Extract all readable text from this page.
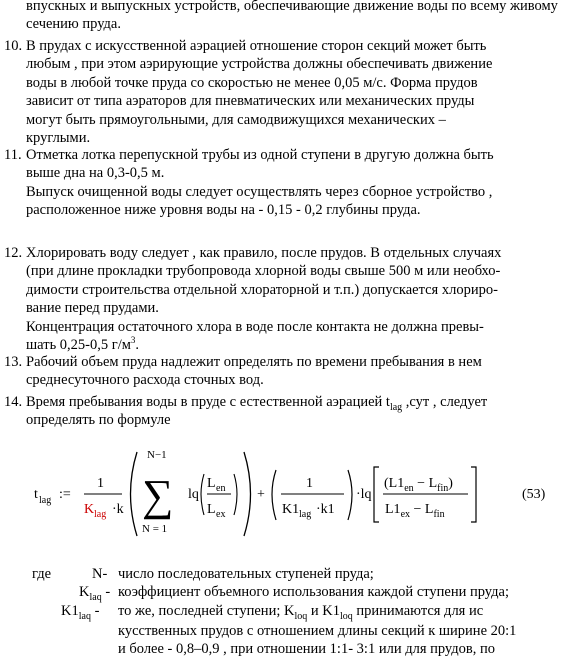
впускных и выпускных устройств, обеспечивающие движение воды по всему живому сечению пруда.
10. В прудах с искусственной аэрацией отношение сторон секций может быть
любым , при этом аэрирующие устройства должны обеспечивать движение
воды в любой точке пруда со скоростью не менее 0,05 м/с. Форма прудов
зависит от типа аэраторов для пневматических или механических пруды
могут быть прямоугольными, для самодвижущихся механических –
круглыми.
11. Отметка лотка перепускной трубы из одной ступени в другую должна быть
выше дна на 0,3-0,5 м.
Выпуск очищенной воды следует осуществлять через сборное устройство ,
расположенное ниже уровня воды на - 0,15 - 0,2 глубины пруда.
12. Хлорировать воду следует , как правило, после прудов. В отдельных случаях
(при длине прокладки трубопровода хлорной воды свыше 500 м или необхо-
димости строительства отдельной хлораторной и т.п.) допускается хлориро-
вание перед прудами.
Концентрация остаточного хлора в воде после контакта не должна превы-
шать 0,25-0,5 $г/м^3$.
13. Рабочий объем пруда надлежит определять по времени пребывания в нем
среднесуточного расхода сточных вод.
14. Время пребывания воды в пруде с естественной аэрацией $t_{lag}$ ,сут , следует
определять по формуле
t lag :=
1
K lag ·k
N−1
∑
N = 1
lq
L en
L ex
+
1
K1 lag ·k1
·lq
$(L1_{en} - L_{fin})$
$L1_{ex} - L_{fin}$
(53)
где	N- число последовательных ступеней пруда;
$K_{laq}$ - коэффициент объемного использования каждой ступени пруда;
$K1_{laq}$ - то же, последней ступени; $K_{loq}$ и $K1_{loq}$ принимаются для ис
кусственных прудов с отношением длины секций к ширине 20:1
и более - 0,8–0,9 , при отношении 1:1- 3:1 или для прудов, по
